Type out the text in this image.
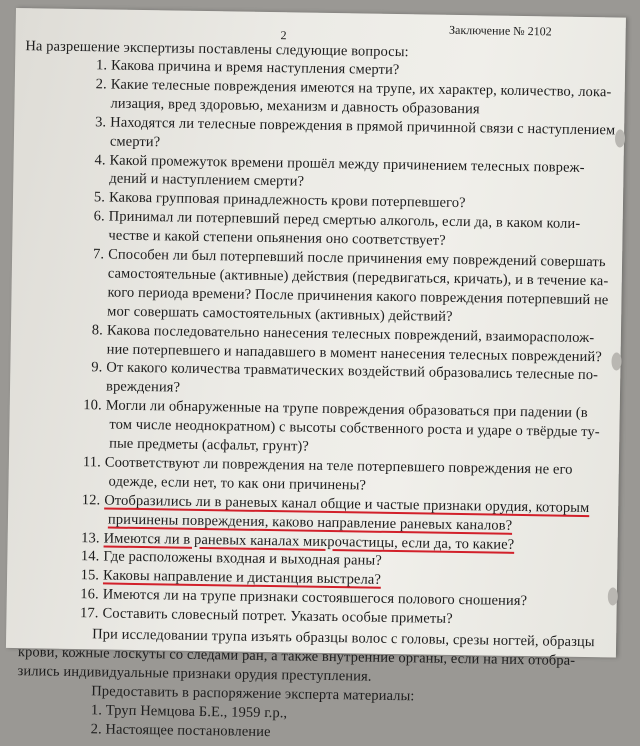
2	Заключение № 2102
На разрешение экспертизы поставлены следующие вопросы:
1. Какова причина и время наступления смерти?
2. Какие телесные повреждения имеются на трупе, их характер, количество, лока-
лизация, вред здоровью, механизм и давность образования
3. Находятся ли телесные повреждения в прямой причинной связи с наступлением
смерти?
4. Какой промежуток времени прошёл между причинением телесных повреж-
дений и наступлением смерти?
5. Какова групповая принадлежность крови потерпевшего?
6. Принимал ли потерпевший перед смертью алкоголь, если да, в каком коли-
честве и какой степени опьянения оно соответствует?
7. Способен ли был потерпевший после причинения ему повреждений совершать
самостоятельные (активные) действия (передвигаться, кричать), и в течение ка-
кого периода времени? После причинения какого повреждения потерпевший не
мог совершать самостоятельных (активных) действий?
8. Какова последовательно нанесения телесных повреждений, взаиморасполож-
ние потерпевшего и нападавшего в момент нанесения телесных повреждений?
9. От какого количества травматических воздействий образовались телесные по-
вреждения?
10. Могли ли обнаруженные на трупе повреждения образоваться при падении (в
том числе неоднократном) с высоты собственного роста и ударе о твёрдые ту-
пые предметы (асфальт, грунт)?
11. Соответствуют ли повреждения на теле потерпевшего повреждения не его
одежде, если нет, то как они причинены?
12. Отобразились ли в раневых канал общие и частые признаки орудия, которым
причинены повреждения, каково направление раневых каналов?
13. Имеются ли в раневых каналах микрочастицы, если да, то какие?
14. Где расположены входная и выходная раны?
15. Каковы направление и дистанция выстрела?
16. Имеются ли на трупе признаки состоявшегося полового сношения?
17. Составить словесный потрет. Указать особые приметы?
При исследовании трупа изъять образцы волос с головы, срезы ногтей, образцы
крови, кожные лоскуты со следами ран, а также внутренние органы, если на них отобра-
зились индивидуальные признаки орудия преступления.
Предоставить в распоряжение эксперта материалы:
1. Труп Немцова Б.Е., 1959 г.р.,
2. Настоящее постановление
